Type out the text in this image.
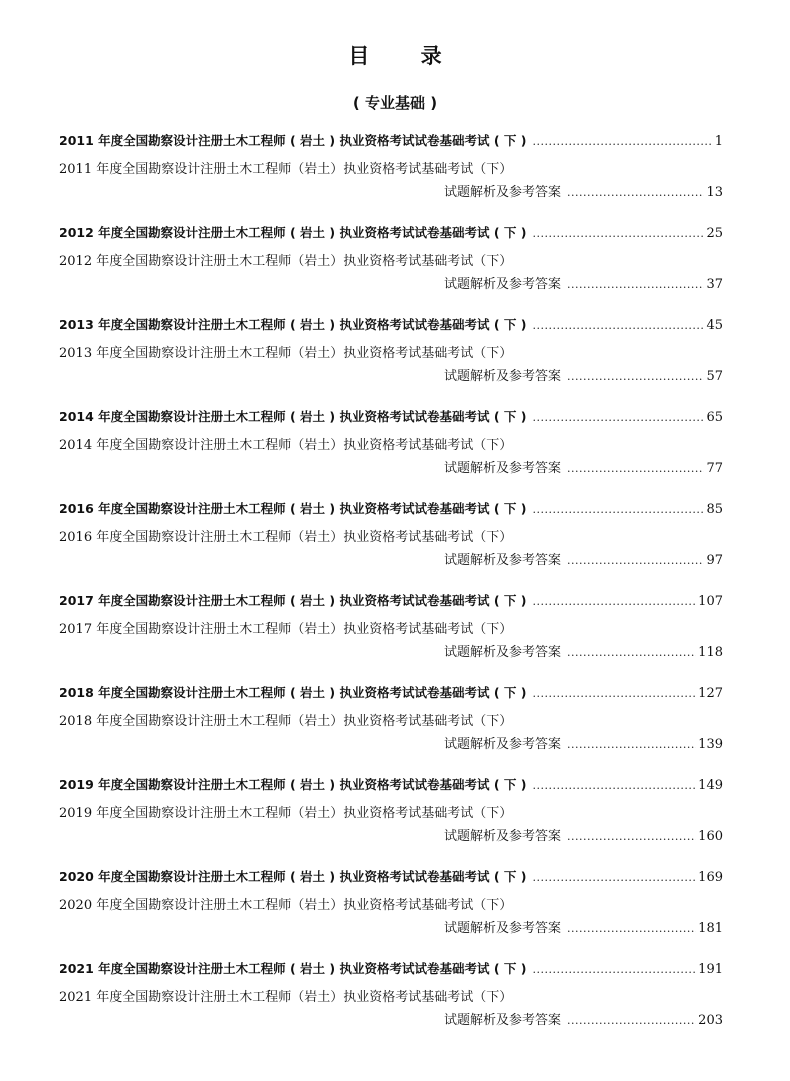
目 录
( 专业基础 )
2011 年度全国勘察设计注册土木工程师 ( 岩土 ) 执业资格考试试卷基础考试 ( 下 ) .....	1
2011 年度全国勘察设计注册土木工程师（岩土）执业资格考试基础考试（下）
试题解析及参考答案 .....	13
2012 年度全国勘察设计注册土木工程师 ( 岩土 ) 执业资格考试试卷基础考试 ( 下 ) .....	25
2012 年度全国勘察设计注册土木工程师（岩土）执业资格考试基础考试（下）
试题解析及参考答案 .....	37
2013 年度全国勘察设计注册土木工程师 ( 岩土 ) 执业资格考试试卷基础考试 ( 下 ) .....	45
2013 年度全国勘察设计注册土木工程师（岩土）执业资格考试基础考试（下）
试题解析及参考答案 .....	57
2014 年度全国勘察设计注册土木工程师 ( 岩土 ) 执业资格考试试卷基础考试 ( 下 ) .....	65
2014 年度全国勘察设计注册土木工程师（岩土）执业资格考试基础考试（下）
试题解析及参考答案 .....	77
2016 年度全国勘察设计注册土木工程师 ( 岩土 ) 执业资格考试试卷基础考试 ( 下 ) .....	85
2016 年度全国勘察设计注册土木工程师（岩土）执业资格考试基础考试（下）
试题解析及参考答案 .....	97
2017 年度全国勘察设计注册土木工程师 ( 岩土 ) 执业资格考试试卷基础考试 ( 下 ) .....	107
2017 年度全国勘察设计注册土木工程师（岩土）执业资格考试基础考试（下）
试题解析及参考答案 .....	118
2018 年度全国勘察设计注册土木工程师 ( 岩土 ) 执业资格考试试卷基础考试 ( 下 ) .....	127
2018 年度全国勘察设计注册土木工程师（岩土）执业资格考试基础考试（下）
试题解析及参考答案 .....	139
2019 年度全国勘察设计注册土木工程师 ( 岩土 ) 执业资格考试试卷基础考试 ( 下 ) .....	149
2019 年度全国勘察设计注册土木工程师（岩土）执业资格考试基础考试（下）
试题解析及参考答案 .....	160
2020 年度全国勘察设计注册土木工程师 ( 岩土 ) 执业资格考试试卷基础考试 ( 下 ) .....	169
2020 年度全国勘察设计注册土木工程师（岩土）执业资格考试基础考试（下）
试题解析及参考答案 .....	181
2021 年度全国勘察设计注册土木工程师 ( 岩土 ) 执业资格考试试卷基础考试 ( 下 ) .....	191
2021 年度全国勘察设计注册土木工程师（岩土）执业资格考试基础考试（下）
试题解析及参考答案 .....	203
